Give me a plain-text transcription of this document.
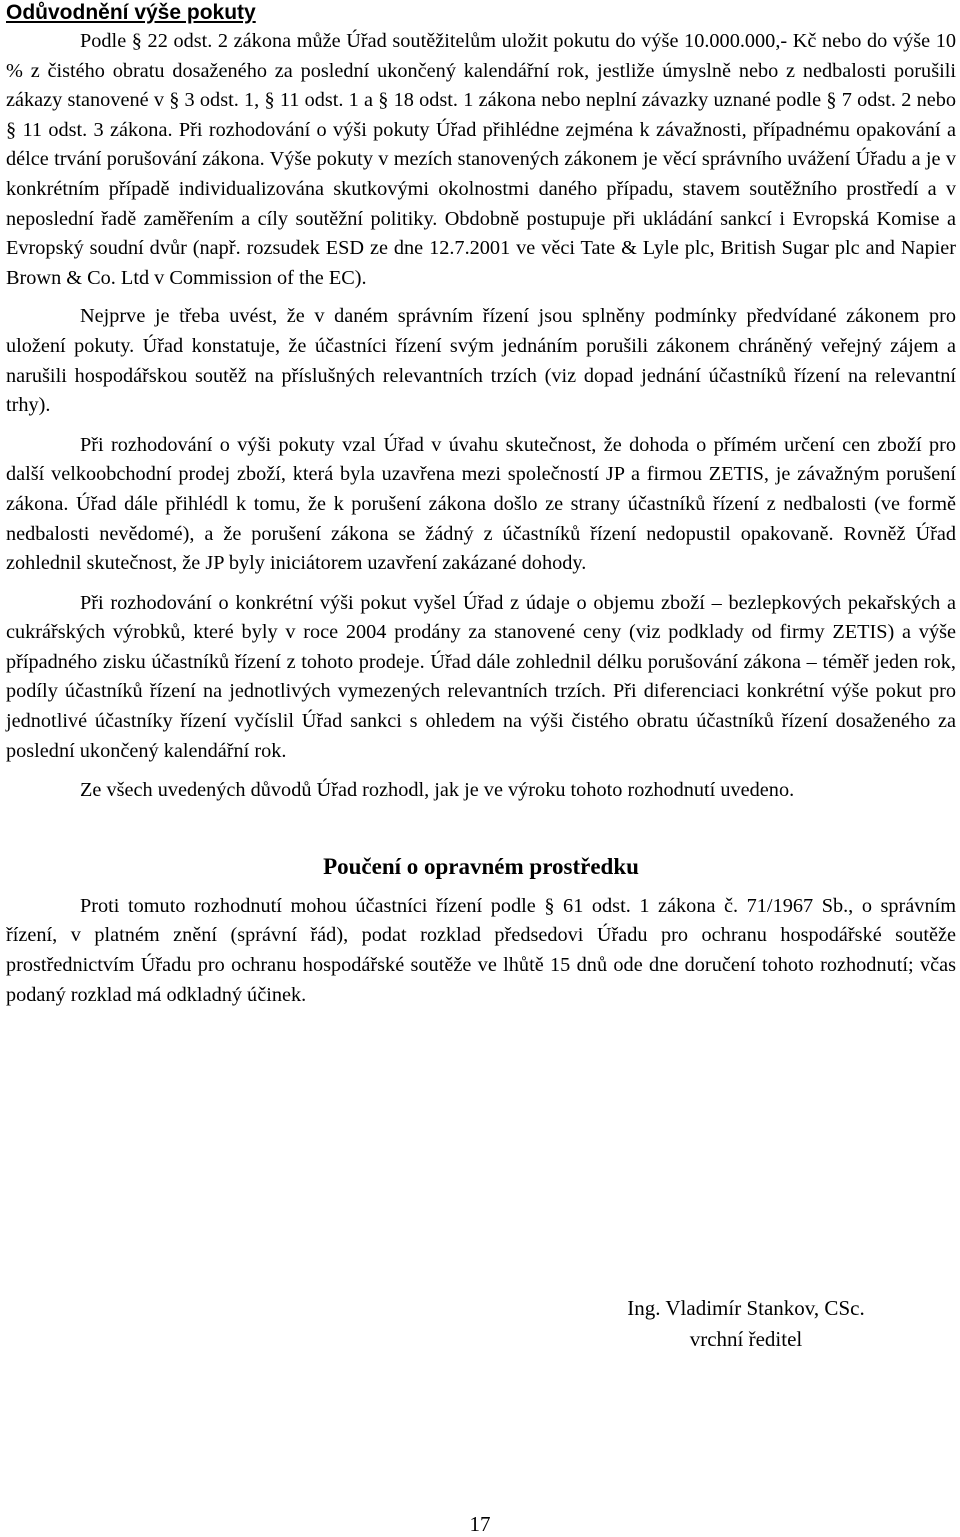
Odůvodnění výše pokuty

Podle § 22 odst. 2 zákona může Úřad soutěžitelům uložit pokutu do výše 10.000.000,- Kč nebo do výše 10 % z čistého obratu dosaženého za poslední ukončený kalendářní rok, jestliže úmyslně nebo z nedbalosti porušili zákazy stanovené v § 3 odst. 1, § 11 odst. 1 a § 18 odst. 1 zákona nebo neplní závazky uznané podle § 7 odst. 2 nebo § 11 odst. 3 zákona. Při rozhodování o výši pokuty Úřad přihlédne zejména k závažnosti, případnému opakování a délce trvání porušování zákona. Výše pokuty v mezích stanovených zákonem je věcí správního uvážení Úřadu a je v konkrétním případě individualizována skutkovými okolnostmi daného případu, stavem soutěžního prostředí a v neposlední řadě zaměřením a cíly soutěžní politiky. Obdobně postupuje při ukládání sankcí i Evropská Komise a Evropský soudní dvůr (např. rozsudek ESD ze dne 12.7.2001 ve věci Tate & Lyle plc, British Sugar plc and Napier Brown & Co. Ltd v Commission of the EC).

Nejprve je třeba uvést, že v daném správním řízení jsou splněny podmínky předvídané zákonem pro uložení pokuty. Úřad konstatuje, že účastníci řízení svým jednáním porušili zákonem chráněný veřejný zájem a narušili hospodářskou soutěž na příslušných relevantních trzích (viz dopad jednání účastníků řízení na relevantní trhy).

Při rozhodování o výši pokuty vzal Úřad v úvahu skutečnost, že dohoda o přímém určení cen zboží pro další velkoobchodní prodej zboží, která byla uzavřena mezi společností JP a firmou ZETIS, je závažným porušení zákona. Úřad dále přihlédl k tomu, že k porušení zákona došlo ze strany účastníků řízení z nedbalosti (ve formě nedbalosti nevědomé), a že porušení zákona se žádný z účastníků řízení nedopustil opakovaně. Rovněž Úřad zohlednil skutečnost, že JP byly iniciátorem uzavření zakázané dohody.

Při rozhodování o konkrétní výši pokut vyšel Úřad z údaje o objemu zboží – bezlepkových pekařských a cukrářských výrobků, které byly v roce 2004 prodány za stanovené ceny (viz podklady od firmy ZETIS) a výše případného zisku účastníků řízení z tohoto prodeje. Úřad dále zohlednil délku porušování zákona – téměř jeden rok, podíly účastníků řízení na jednotlivých vymezených relevantních trzích. Při diferenciaci konkrétní výše pokut pro jednotlivé účastníky řízení vyčíslil Úřad sankci s ohledem na výši čistého obratu účastníků řízení dosaženého za poslední ukončený kalendářní rok.

Ze všech uvedených důvodů Úřad rozhodl, jak je ve výroku tohoto rozhodnutí uvedeno.

Poučení o opravném prostředku

Proti tomuto rozhodnutí mohou účastníci řízení podle § 61 odst. 1 zákona č. 71/1967 Sb., o správním řízení, v platném znění (správní řád), podat rozklad předsedovi Úřadu pro ochranu hospodářské soutěže prostřednictvím Úřadu pro ochranu hospodářské soutěže ve lhůtě 15 dnů ode dne doručení tohoto rozhodnutí; včas podaný rozklad má odkladný účinek.

Ing. Vladimír Stankov, CSc.
vrchní ředitel
17
